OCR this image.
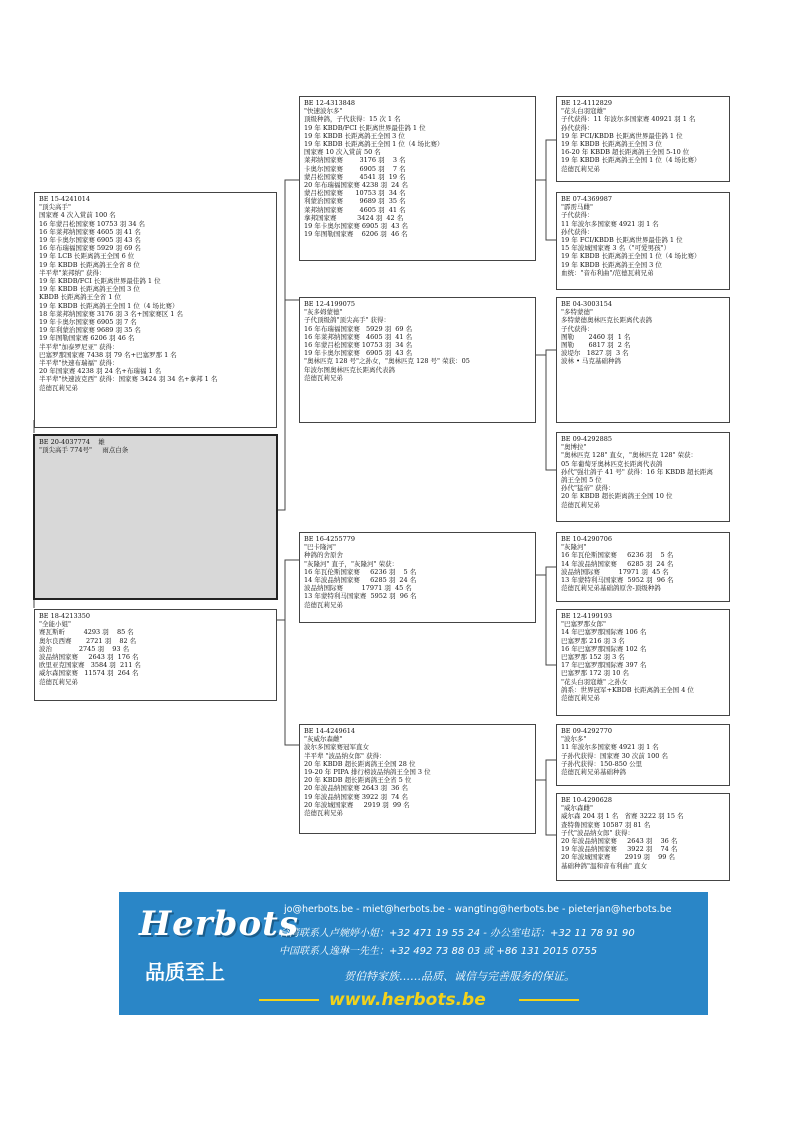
BE 15-4241014
"顶尖高手"
国家赛 4 次入赏前 100 名
16 年蒙吕松国家赛 10753 羽 34 名
16 年莱邦纳国家赛 4605 羽 41 名
19 年卡奥尔国家赛 6905 羽 43 名
16 年布瑞福国家赛 5929 羽 69 名
19 年 LCB 长距离鸽王全国 6 位
19 年 KBDB 长距离鸽王全省 8 位
半平辈"莱邦纳" 获得：
19 年 KBDB/FCI 长距离世界最佳鸽 1 位
19 年 KBDB 长距离鸽王全国 3 位
KBDB 长距离鸽王全省 1 位
19 年 KBDB 长距离鸽王全国 1 位（4 场比赛）
18 年莱邦纳国家赛 3176 羽 3 名+国家赛区 1 名
19 年卡奥尔国家赛 6905 羽 7 名
19 年利蒙治国家赛 9689 羽 35 名
19 年图勒国家赛 6206 羽 46 名
半平辈"加泰罗尼亚" 获得：
巴塞罗那国家赛 7438 羽 79 名+巴塞罗那 1 名
半平辈"快速布瑞福" 获得：
20 年国家赛 4238 羽 24 名+布瑞福 1 名
半平辈"快速波克西" 获得：国家赛 3424 羽 34 名+拿邦 1 名
范德瓦莉兄弟
BE 20-4037774    雄
"顶尖高手 774号"     雨点白条
BE 18-4213350
"全能小姐"
赛瓦斯昕         4293 羽    85 名
奥尔良西赛       2721 羽    82 名
波治             2745 羽    93 名
波品纳国家赛     2643 羽  176 名
欧里亚克国家赛   3584 羽  211 名
威尔森国家赛   11574 羽  264 名
范德瓦莉兄弟
BE 12-4313848
"快速波尔多"
顶级种鸽，子代获得：15 次 1 名
19 年 KBDB/FCI 长距离世界最佳鸽 1 位
19 年 KBDB 长距离鸽王全国 3 位
19 年 KBDB 长距离鸽王全国 1 位（4 场比赛）
国家赛 10 次入赏前 50 名
莱邦纳国家赛        3176 羽    3 名
卡奥尔国家赛        6905 羽    7 名
蒙吕松国家赛        4541 羽  19 名
20 年布瑞福国家赛 4238 羽  24 名
蒙吕松国家赛      10753 羽  34 名
利蒙治国家赛        9689 羽  35 名
莱邦纳国家赛        4605 羽  41 名
拿邦国家赛          3424 羽  42 名
19 年卡奥尔国家赛 6905 羽  43 名
19 年图勒国家赛    6206 羽  46 名
BE 12-4199075
"灰多姆蒙德"
子代顶级鸽"顶尖高手" 获得：
16 年布瑞福国家赛   5929 羽  69 名
16 年莱邦纳国家赛   4605 羽  41 名
16 年蒙吕松国家赛 10753 羽  34 名
19 年卡奥尔国家赛   6905 羽  43 名
"奥林匹克 128 号"之孙女，"奥林匹克 128 号" 荣获：05
年波尔图奥林匹克长距离代表鸽
范德瓦莉兄弟
BE 16-4255779
"巴卡隆河"
种鸽的舍原舍
"灰隆河" 直子，"灰隆河" 荣获：
16 年瓦伦斯国家赛     6236 羽    5 名
14 年波品纳国家赛     6285 羽  24 名
波品纳国际赛         17971 羽  45 名
13 年蒙特利马国家赛  5952 羽  96 名
范德瓦莉兄弟
BE 14-4249614
"灰威尔森雌"
波尔多国家赛冠军直女
半平辈 "波品纳女郎" 获得：
20 年 KBDB 超长距离鸽王全国 28 位
19-20 年 PIPA 排行榜波品纳鸽王全国 3 位
20 年 KBDB 超长距离鸽王全省 5 位
20 年波品纳国家赛 2643 羽  36 名
19 年波品纳国家赛 3922 羽  74 名
20 年波城国家赛     2919 羽  99 名
范德瓦莉兄弟
BE 12-4112829
"花头白羽寇雄"
子代获得：11 年波尔多国家赛 40921 羽 1 名
孙代获得：
19 年 FCI/KBDB 长距离世界最佳鸽 1 位
19 年 KBDB 长距离鸽王全国 3 位
16-20 年 KBDB 超长距离鸽王全国 5-10 位
19 年 KBDB 长距离鸽王全国 1 位（4 场比赛）
范德瓦莉兄弟
BE 07-4369987
"霹雳马雌"
子代获得：
11 年波尔多国家赛 4921 羽 1 名
孙代获得：
19 年 FCI/KBDB 长距离世界最佳鸽 1 位
15 年波城国家赛 3 名（"可爱男孩"）
19 年 KBDB 长距离鸽王全国 1 位（4 场比赛）
19 年 KBDB 长距离鸽王全国 3 位
血统："音布利曲"/范德瓦莉兄弟
BE 04-3003154
"多特蒙德"
多特蒙德奥林匹克长距离代表鸽
子代获得：
图勒       2460 羽  1 名
图勒       6817 羽  2 名
波堤尔   1827 羽  3 名
波林 • 马克基础种鸽
BE 09-4292885
"奥博拉"
"奥林匹克 128" 直女，"奥林匹克 128" 荣获：
05 年葡萄牙奥林匹克长距离代表鸽
孙代"强壮鸽子 41 号" 获得：16 年 KBDB 超长距离
鸽王全国 5 位
孙代"猛帝" 获得：
20 年 KBDB 超长距离鸽王全国 10 位
范德瓦莉兄弟
BE 10-4290706
"灰隆河"
16 年瓦伦斯国家赛     6236 羽    5 名
14 年波品纳国家赛     6285 羽  24 名
波品纳国际赛         17971 羽  45 名
13 年蒙特利马国家赛  5952 羽  96 名
范德瓦莉兄弟基础鸽原舍-顶级种鸽
BE 12-4199193
"巴塞罗那女郎"
14 年巴塞罗那国际赛 106 名
巴塞罗那 216 羽 3 名
16 年巴塞罗那国际赛 102 名
巴塞罗那 152 羽 3 名
17 年巴塞罗那国际赛 397 名
巴塞罗那 172 羽 10 名
"花头白羽寇雄" 之孙女
鸽系：世界冠军+KBDB 长距离鸽王全国 4 位
范德瓦莉兄弟
BE 09-4292770
"波尔多"
11 年波尔多国家赛 4921 羽 1 名
子孙代获得：国家赛 30 次前 100 名
子孙代获得：150-850 公里
范德瓦莉兄弟基础种鸽
BE 10-4290628
"威尔森雌"
威尔森 204 羽 1 名   省赛 3222 羽 15 名
查特鲁国家赛 10587 羽 81 名
子代"波品纳女郎" 获得：
20 年波品纳国家赛     2643 羽    36 名
19 年波品纳国家赛     3922 羽    74 名
20 年波城国家赛       2919 羽    99 名
基础种鸽"温和音布利曲" 直女
Herbots
品质至上
jo@herbots.be - miet@herbots.be - wangting@herbots.be - pieterjan@herbots.be
台湾联系人卢婉婷小姐：+32 471 19 55 24 - 办公室电话：+32 11 78 91 90
中国联系人逸琳一先生：+32 492 73 88 03 或 +86 131 2015 0755
贺伯特家族……品质、诚信与完善服务的保证。
www.herbots.be
